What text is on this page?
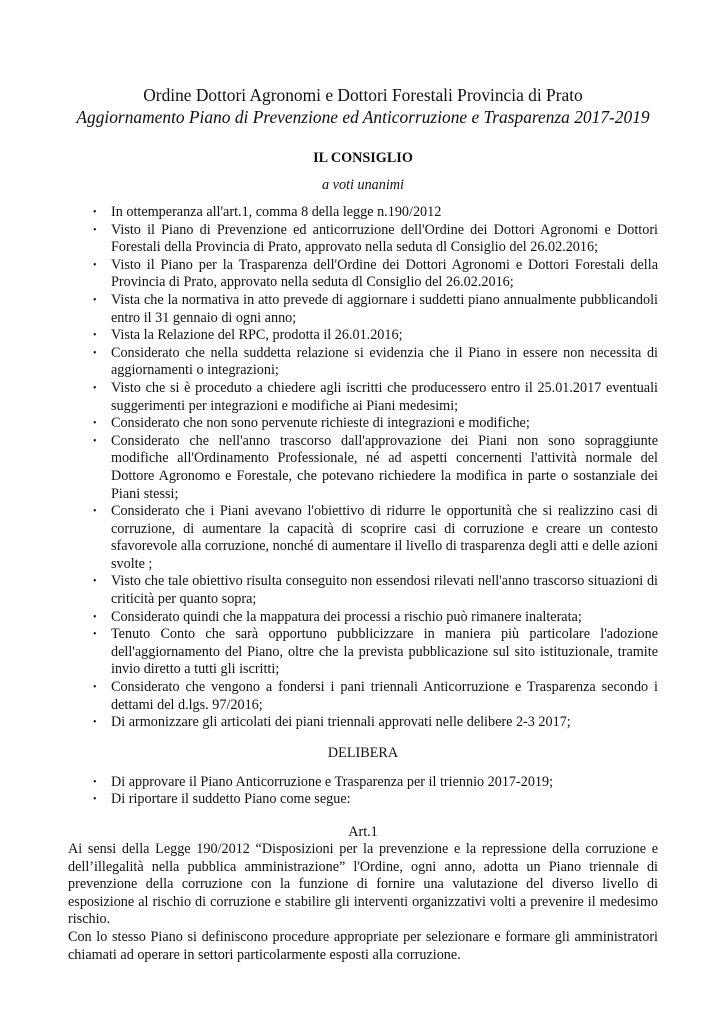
Ordine Dottori Agronomi e Dottori Forestali Provincia di Prato
Aggiornamento Piano di Prevenzione ed Anticorruzione e Trasparenza 2017-2019
IL CONSIGLIO
a voti unanimi
• In ottemperanza all'art.1, comma 8 della legge n.190/2012
• Visto il Piano di Prevenzione ed anticorruzione dell'Ordine dei Dottori Agronomi e Dottori Forestali della Provincia di Prato, approvato nella seduta dl Consiglio del 26.02.2016;
• Visto il Piano per la Trasparenza dell'Ordine dei Dottori Agronomi e Dottori Forestali della Provincia di Prato, approvato nella seduta dl Consiglio del 26.02.2016;
• Vista che la normativa in atto prevede di aggiornare i suddetti piano annualmente pubblicandoli entro il 31 gennaio di ogni anno;
• Vista la Relazione del RPC, prodotta il 26.01.2016;
• Considerato che nella suddetta relazione si evidenzia che il Piano in essere non necessita di aggiornamenti o integrazioni;
• Visto che si è proceduto a chiedere agli iscritti che producessero entro il 25.01.2017 eventuali suggerimenti per integrazioni e modifiche ai Piani medesimi;
• Considerato che non sono pervenute richieste di integrazioni e modifiche;
• Considerato che nell'anno trascorso dall'approvazione dei Piani non sono sopraggiunte modifiche all'Ordinamento Professionale, né ad aspetti concernenti l'attività normale del Dottore Agronomo e Forestale, che potevano richiedere la modifica in parte o sostanziale dei Piani stessi;
• Considerato che i Piani avevano l'obiettivo di ridurre le opportunità che si realizzino casi di corruzione, di aumentare la capacità di scoprire casi di corruzione e creare un contesto sfavorevole alla corruzione, nonché di aumentare il livello di trasparenza degli atti e delle azioni svolte ;
• Visto che tale obiettivo risulta conseguito non essendosi rilevati nell'anno trascorso situazioni di criticità per quanto sopra;
• Considerato quindi che la mappatura dei processi a rischio può rimanere inalterata;
• Tenuto Conto che sarà opportuno pubblicizzare in maniera più particolare l'adozione dell'aggiornamento del Piano, oltre che la prevista pubblicazione sul sito istituzionale, tramite invio diretto a tutti gli iscritti;
• Considerato che vengono a fondersi i pani triennali Anticorruzione e Trasparenza secondo i dettami del d.lgs. 97/2016;
• Di armonizzare gli articolati dei piani triennali approvati nelle delibere 2-3 2017;
DELIBERA
• Di approvare il Piano Anticorruzione e Trasparenza per il triennio 2017-2019;
• Di riportare il suddetto Piano come segue:
Art.1

Ai sensi della Legge 190/2012 “Disposizioni per la prevenzione e la repressione della corruzione e dell’illegalità nella pubblica amministrazione” l'Ordine, ogni anno, adotta un Piano triennale di prevenzione della corruzione con la funzione di fornire una valutazione del diverso livello di esposizione al rischio di corruzione e stabilire gli interventi organizzativi volti a prevenire il medesimo rischio.

Con lo stesso Piano si definiscono procedure appropriate per selezionare e formare gli amministratori chiamati ad operare in settori particolarmente esposti alla corruzione.
